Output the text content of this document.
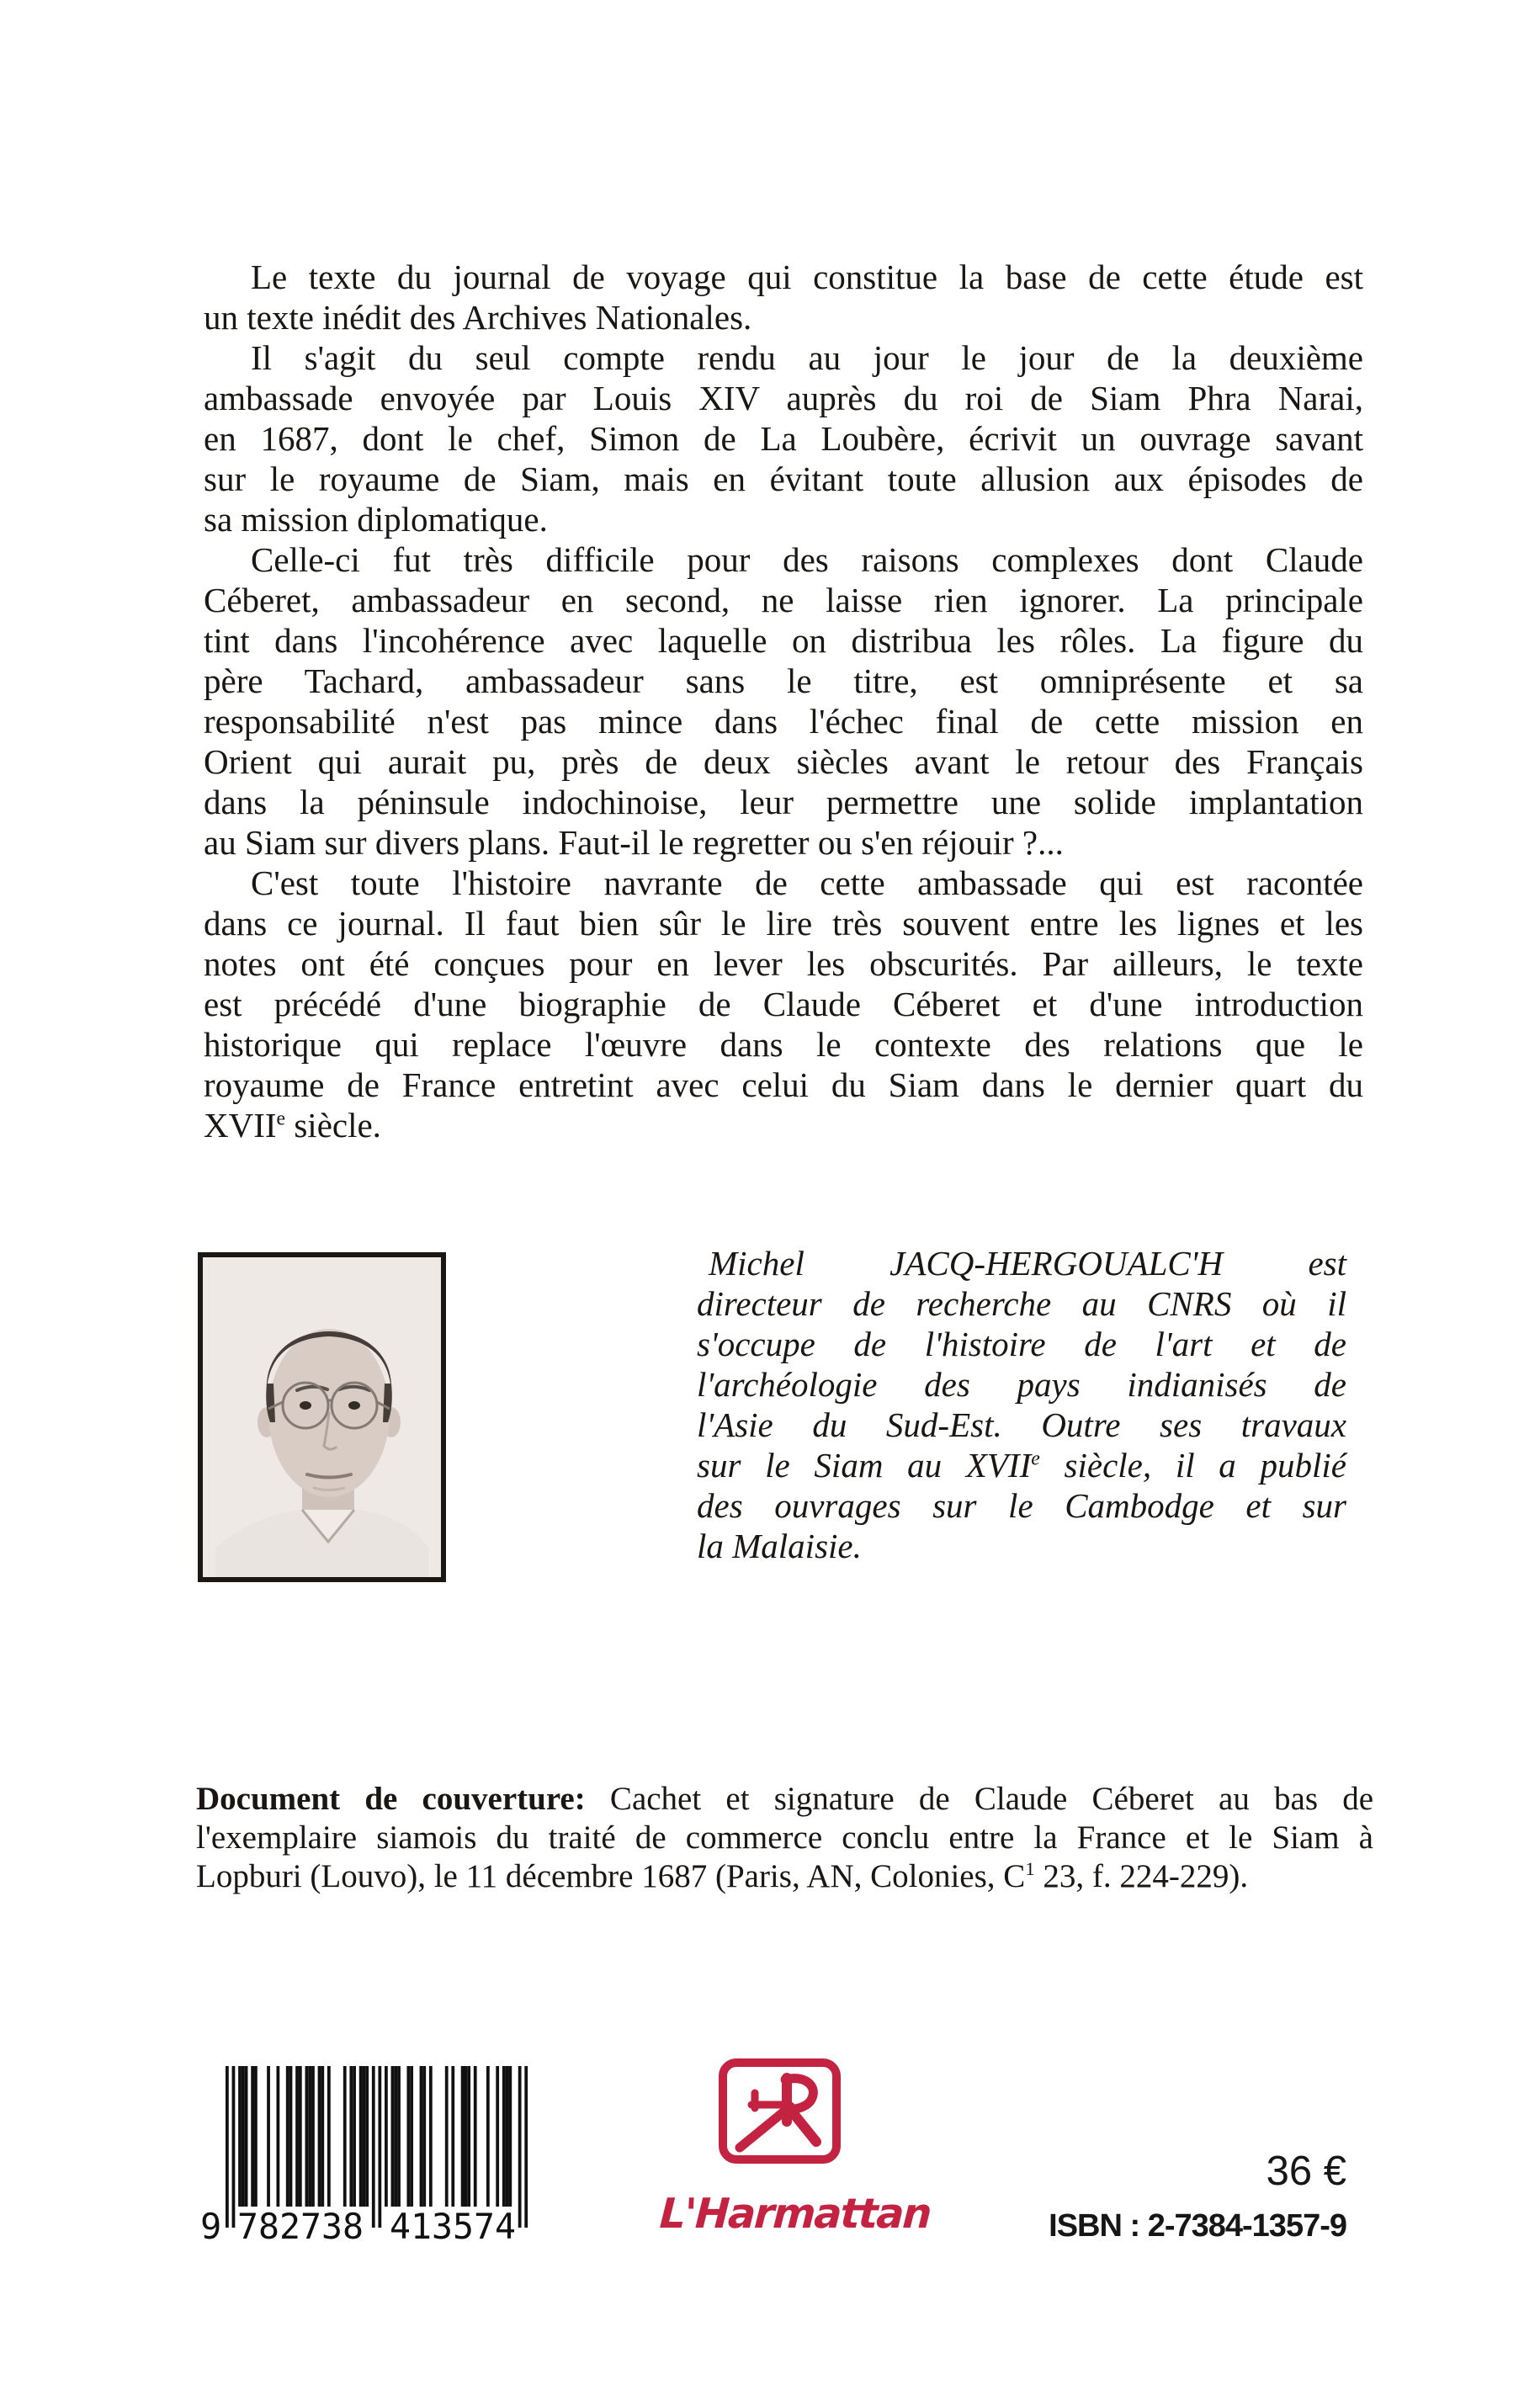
Le texte du journal de voyage qui constitue la base de cette étude est
un texte inédit des Archives Nationales.
Il s'agit du seul compte rendu au jour le jour de la deuxième
ambassade envoyée par Louis XIV auprès du roi de Siam Phra Narai,
en 1687, dont le chef, Simon de La Loubère, écrivit un ouvrage savant
sur le royaume de Siam, mais en évitant toute allusion aux épisodes de
sa mission diplomatique.
Celle-ci fut très difficile pour des raisons complexes dont Claude
Céberet, ambassadeur en second, ne laisse rien ignorer. La principale
tint dans l'incohérence avec laquelle on distribua les rôles. La figure du
père Tachard, ambassadeur sans le titre, est omniprésente et sa
responsabilité n'est pas mince dans l'échec final de cette mission en
Orient qui aurait pu, près de deux siècles avant le retour des Français
dans la péninsule indochinoise, leur permettre une solide implantation
au Siam sur divers plans. Faut-il le regretter ou s'en réjouir ?...
C'est toute l'histoire navrante de cette ambassade qui est racontée
dans ce journal. Il faut bien sûr le lire très souvent entre les lignes et les
notes ont été conçues pour en lever les obscurités. Par ailleurs, le texte
est précédé d'une biographie de Claude Céberet et d'une introduction
historique qui replace l'œuvre dans le contexte des relations que le
royaume de France entretint avec celui du Siam dans le dernier quart du
XVIIe siècle.
Michel JACQ-HERGOUALC'H est
directeur de recherche au CNRS où il
s'occupe de l'histoire de l'art et de
l'archéologie des pays indianisés de
l'Asie du Sud-Est. Outre ses travaux
sur le Siam au XVIIe siècle, il a publié
des ouvrages sur le Cambodge et sur
la Malaisie.
Document de couverture: Cachet et signature de Claude Céberet au bas de
l'exemplaire siamois du traité de commerce conclu entre la France et le Siam à
Lopburi (Louvo), le 11 décembre 1687 (Paris, AN, Colonies, $C^1$ 23, f. 224-229).
9 782738 413574	L'Harmattan
36 €
ISBN : 2-7384-1357-9
